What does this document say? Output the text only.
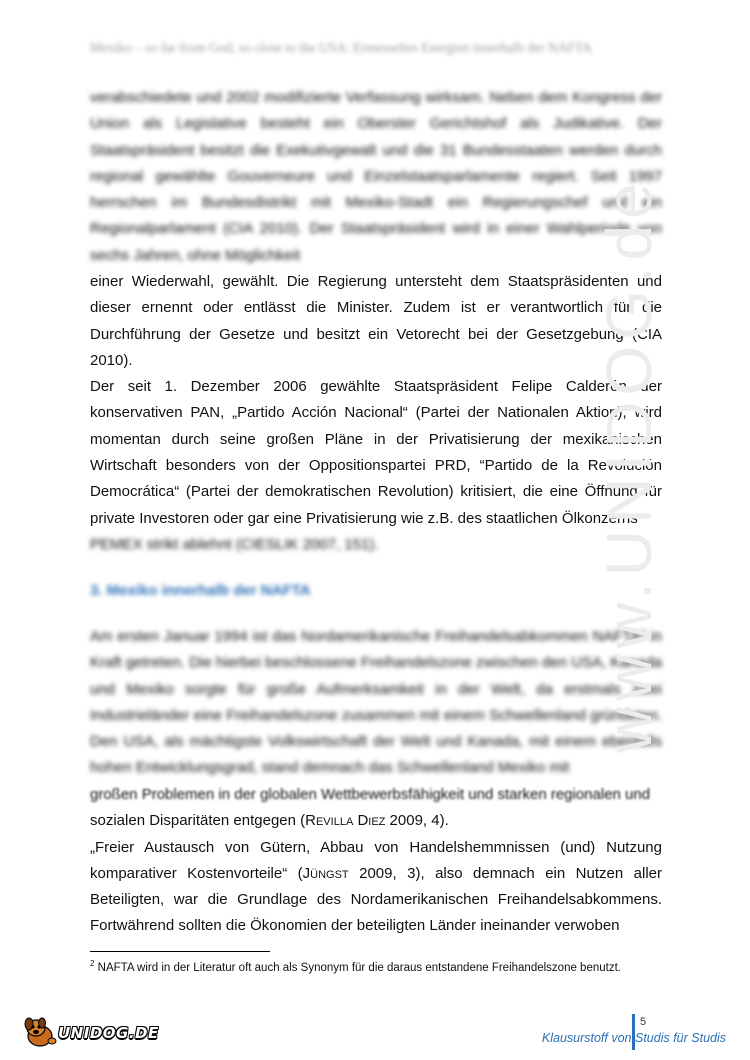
Mexiko – so far from God, so close to the USA: Ermesseltes Energien innerhalb der NAFTA

verabschiedete und 2002 modifizierte Verfassung wirksam. Neben dem Kongress der Union als Legislative besteht ein Oberster Gerichtshof als Judikative. Der Staatspräsident besitzt die Exekutivgewalt und die 31 Bundesstaaten werden durch regional gewählte Gouverneure und Einzelstaatsparlamente regiert. Seit 1997 herrschen im Bundesdistrikt mit Mexiko-Stadt ein Regierungschef und ein Regionalparlament (CIA 2010). Der Staatspräsident wird in einer Wahlperiode von sechs Jahren, ohne Möglichkeit

einer Wiederwahl, gewählt. Die Regierung untersteht dem Staatspräsidenten und dieser ernennt oder entlässt die Minister. Zudem ist er verantwortlich für die Durchführung der Gesetze und besitzt ein Vetorecht bei der Gesetzgebung (CIA 2010).

Der seit 1. Dezember 2006 gewählte Staatspräsident Felipe Calderón der konservativen PAN, „Partido Acción Nacional“ (Partei der Nationalen Aktion), wird momentan durch seine großen Pläne in der Privatisierung der mexikanischen Wirtschaft besonders von der Oppositionspartei PRD, “Partido de la Revolución Democrática“ (Partei der demokratischen Revolution) kritisiert, die eine Öffnung für private Investoren oder gar eine Privatisierung wie z.B. des staatlichen Ölkonzerns

PEMEX strikt ablehnt (CIESLIK 2007, 151).

3. Mexiko innerhalb der NAFTA

Am ersten Januar 1994 ist das Nordamerikanische Freihandelsabkommen NAFTA² in Kraft getreten. Die hierbei beschlossene Freihandelszone zwischen den USA, Kanada und Mexiko sorgte für große Aufmerksamkeit in der Welt, da erstmals zwei Industrieländer eine Freihandelszone zusammen mit einem Schwellenland gründeten. Den USA, als mächtigste Volkswirtschaft der Welt und Kanada, mit einem ebenfalls hohen Entwicklungsgrad, stand demnach das Schwellenland Mexiko mit

großen Problemen in der globalen Wettbewerbsfähigkeit und starken regionalen und

sozialen Disparitäten entgegen (Revilla Diez 2009, 4).

„Freier Austausch von Gütern, Abbau von Handelshemmnissen (und) Nutzung komparativer Kostenvorteile“ (Jüngst 2009, 3), also demnach ein Nutzen aller Beteiligten, war die Grundlage des Nordamerikanischen Freihandelsabkommens. Fortwährend sollten die Ökonomien der beteiligten Länder ineinander verwoben

$^2$ NAFTA wird in der Literatur oft auch als Synonym für die daraus entstandene Freihandelszone benutzt.
www.UNIDOG.de
UNIDOG.DE
5
Klausurstoff von Studis für Studis
